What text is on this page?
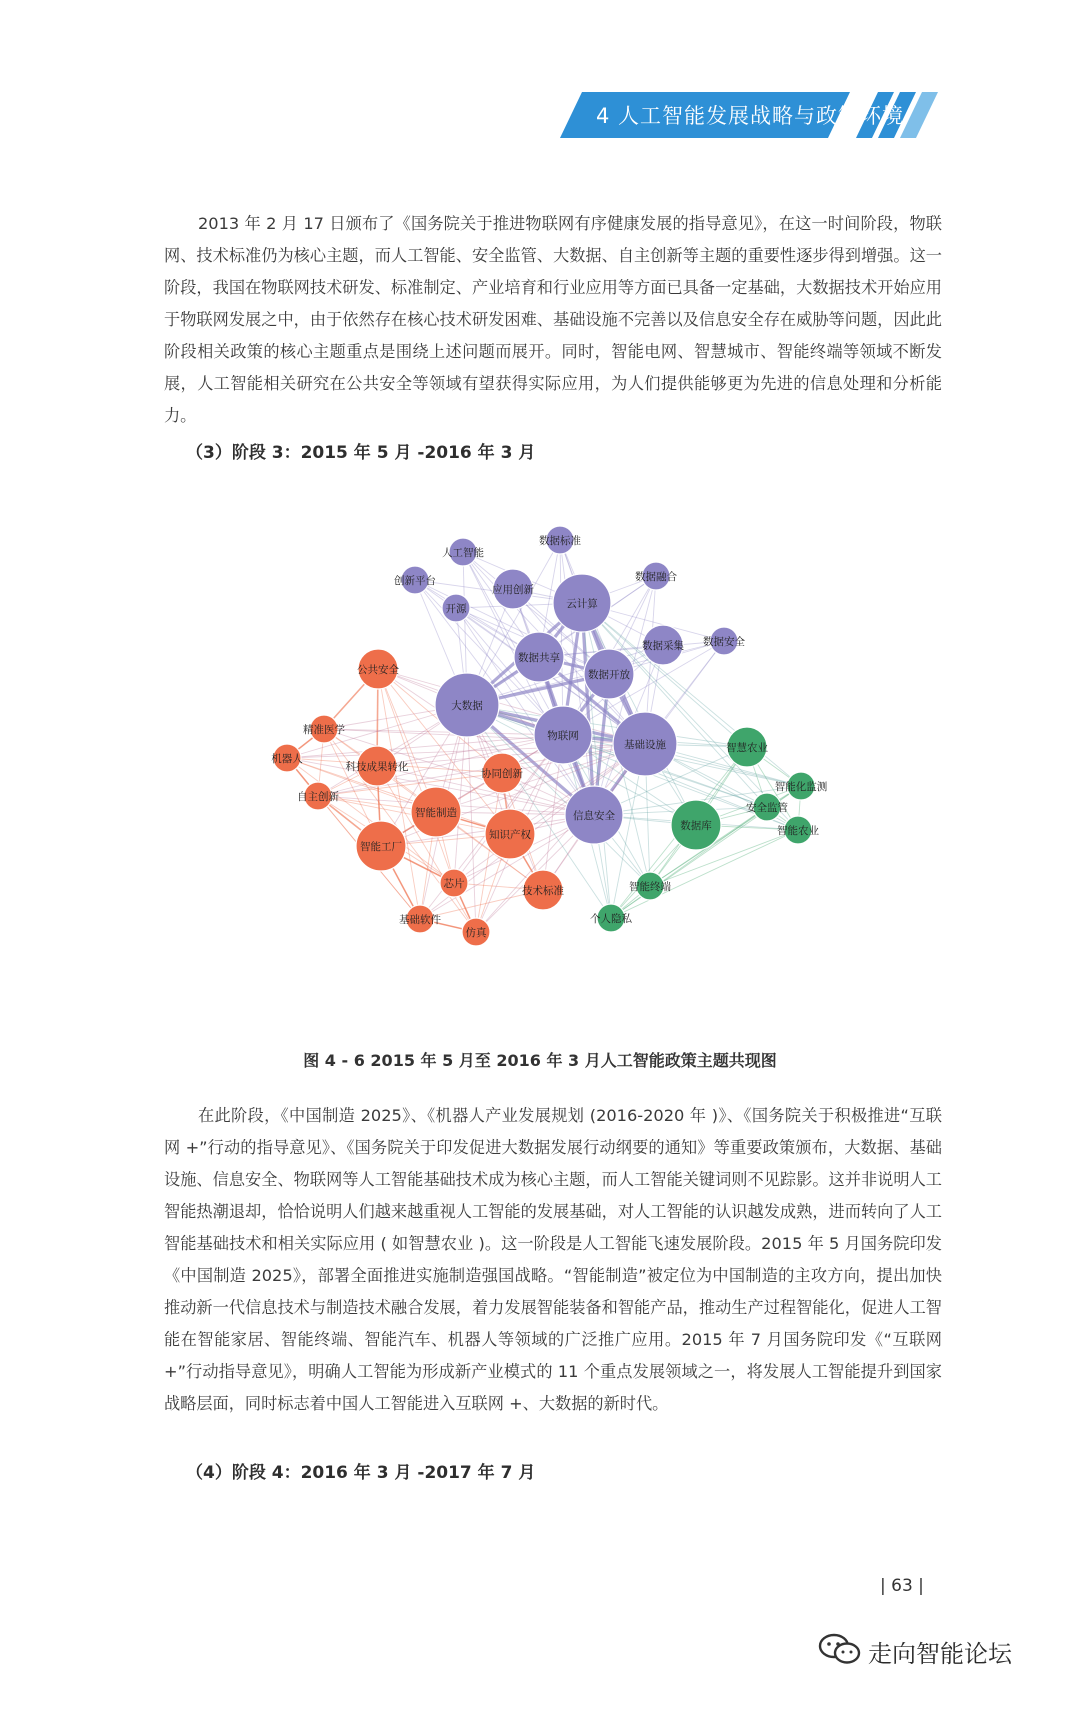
4 人工智能发展战略与政策环境

2013 年 2 月 17 日颁布了《国务院关于推进物联网有序健康发展的指导意见》，在这一时间阶段，物联网、技术标准仍为核心主题，而人工智能、安全监管、大数据、自主创新等主题的重要性逐步得到增强。这一阶段，我国在物联网技术研发、标准制定、产业培育和行业应用等方面已具备一定基础，大数据技术开始应用于物联网发展之中，由于依然存在核心技术研发困难、基础设施不完善以及信息安全存在威胁等问题，因此此阶段相关政策的核心主题重点是围绕上述问题而展开。同时，智能电网、智慧城市、智能终端等领域不断发展，人工智能相关研究在公共安全等领域有望获得实际应用，为人们提供能够更为先进的信息处理和分析能力。

（3）阶段 3：2015 年 5 月 -2016 年 3 月
大数据
物联网
基础设施
云计算
数据共享
数据开放
数据采集
信息安全
数据标准
人工智能
创新平台
开源
应用创新
数据融合
数据安全
公共安全
精准医学
机器人
科技成果转化
自主创新
协同创新
智能制造
知识产权
智能工厂
芯片
技术标准
基础软件
仿真
智慧农业
智能化监测
安全监管
智能农业
数据库
智能终端
个人隐私
图 4 - 6 2015 年 5 月至 2016 年 3 月人工智能政策主题共现图

在此阶段，《中国制造 2025》、《机器人产业发展规划 (2016-2020 年 )》、《国务院关于积极推进“互联网 +”行动的指导意见》、《国务院关于印发促进大数据发展行动纲要的通知》等重要政策颁布，大数据、基础设施、信息安全、物联网等人工智能基础技术成为核心主题，而人工智能关键词则不见踪影。这并非说明人工智能热潮退却，恰恰说明人们越来越重视人工智能的发展基础，对人工智能的认识越发成熟，进而转向了人工智能基础技术和相关实际应用 ( 如智慧农业 )。这一阶段是人工智能飞速发展阶段。2015 年 5 月国务院印发《中国制造 2025》，部署全面推进实施制造强国战略。“智能制造”被定位为中国制造的主攻方向，提出加快推动新一代信息技术与制造技术融合发展，着力发展智能装备和智能产品，推动生产过程智能化，促进人工智能在智能家居、智能终端、智能汽车、机器人等领域的广泛推广应用。2015 年 7 月国务院印发《“互联网 +”行动指导意见》，明确人工智能为形成新产业模式的 11 个重点发展领域之一，将发展人工智能提升到国家战略层面，同时标志着中国人工智能进入互联网 +、大数据的新时代。

（4）阶段 4：2016 年 3 月 -2017 年 7 月
| 63 |
走向智能论坛
